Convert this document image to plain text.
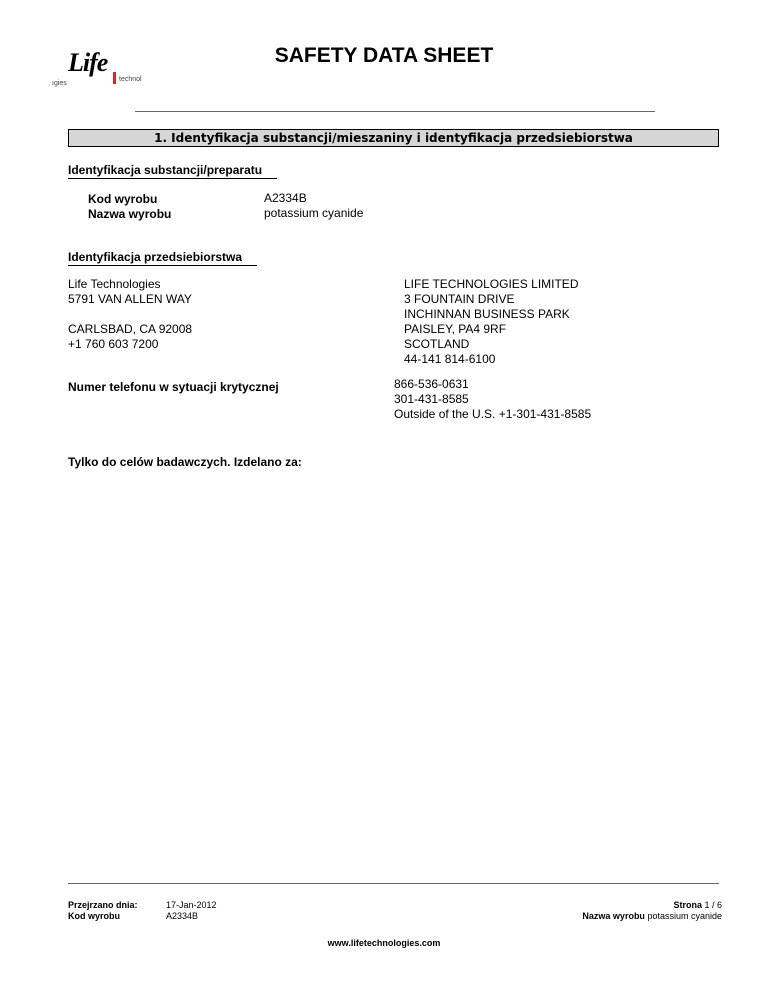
Life
ıgies
technol
SAFETY DATA SHEET
1. Identyfikacja substancji/mieszaniny i identyfikacja przedsiebiorstwa
Identyfikacja substancji/preparatu
Kod wyrobu	A2334B
Nazwa wyrobu	potassium cyanide
Identyfikacja przedsiebiorstwa
Life Technologies
5791 VAN ALLEN WAY
CARLSBAD, CA 92008
+1 760 603 7200
LIFE TECHNOLOGIES LIMITED
3 FOUNTAIN DRIVE
INCHINNAN BUSINESS PARK
PAISLEY, PA4 9RF
SCOTLAND
44-141 814-6100
Numer telefonu w sytuacji krytycznej	866-536-0631
301-431-8585
Outside of the U.S. +1-301-431-8585
Tylko do celów badawczych. Izdelano za:
Przejrzano dnia:	17-Jan-2012
Kod wyrobu	A2334B
Strona 1 / 6
Nazwa wyrobu potassium cyanide
www.lifetechnologies.com
